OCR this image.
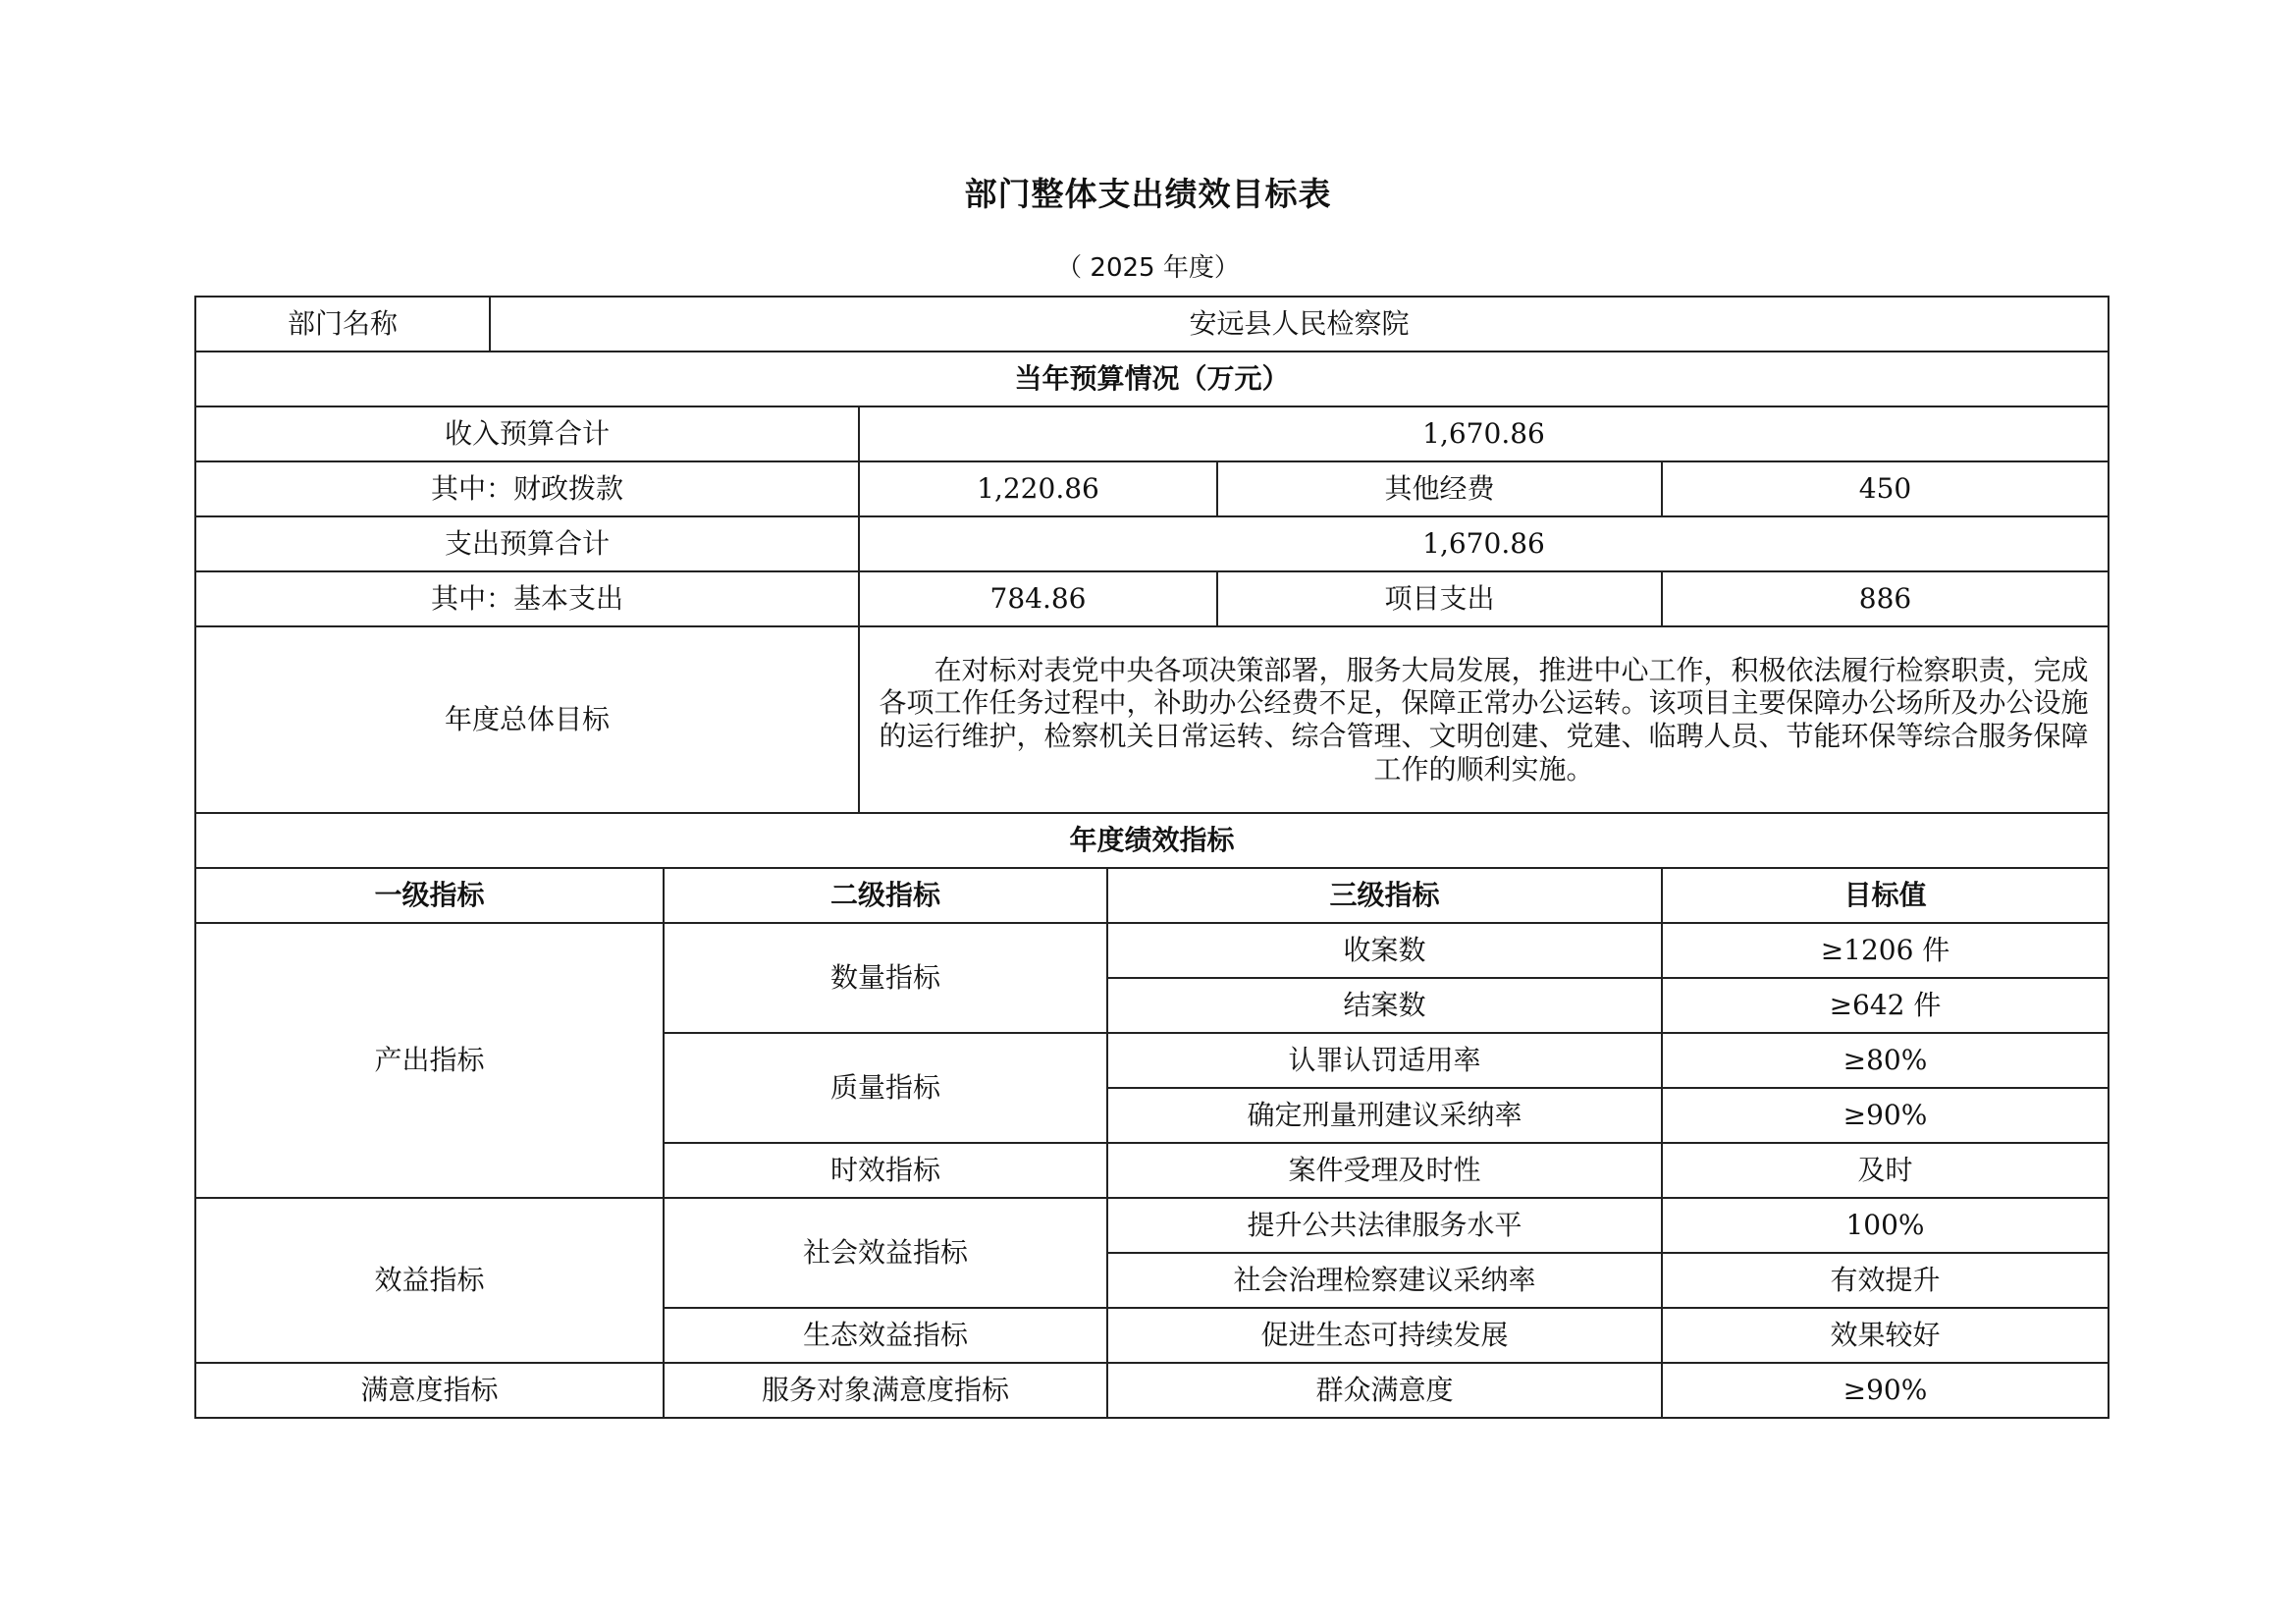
部门整体支出绩效目标表
（ 2025 年度）
部门名称	安远县人民检察院					
当年预算情况（万元）						
收入预算合计			1,670.86			
其中：财政拨款			1,220.86		其他经费	450
支出预算合计			1,670.86			
其中：基本支出			784.86		项目支出	886
年度总体目标			在对标对表党中央各项决策部署，服务大局发展，推进中心工作，积极依法履行检察职责，完成各项工作任务过程中，补助办公经费不足，保障正常办公运转。该项目主要保障办公场所及办公设施的运行维护，检察机关日常运转、综合管理、文明创建、党建、临聘人员、节能环保等综合服务保障工作的顺利实施。			
年度绩效指标						
一级指标		二级指标		三级指标		目标值
产出指标		数量指标		收案数		≥1206 件
				结案数		≥642 件
		质量指标		认罪认罚适用率		≥80%
				确定刑量刑建议采纳率		≥90%
		时效指标		案件受理及时性		及时
效益指标		社会效益指标		提升公共法律服务水平		100%
				社会治理检察建议采纳率		有效提升
		生态效益指标		促进生态可持续发展		效果较好
满意度指标		服务对象满意度指标		群众满意度		≥90%
